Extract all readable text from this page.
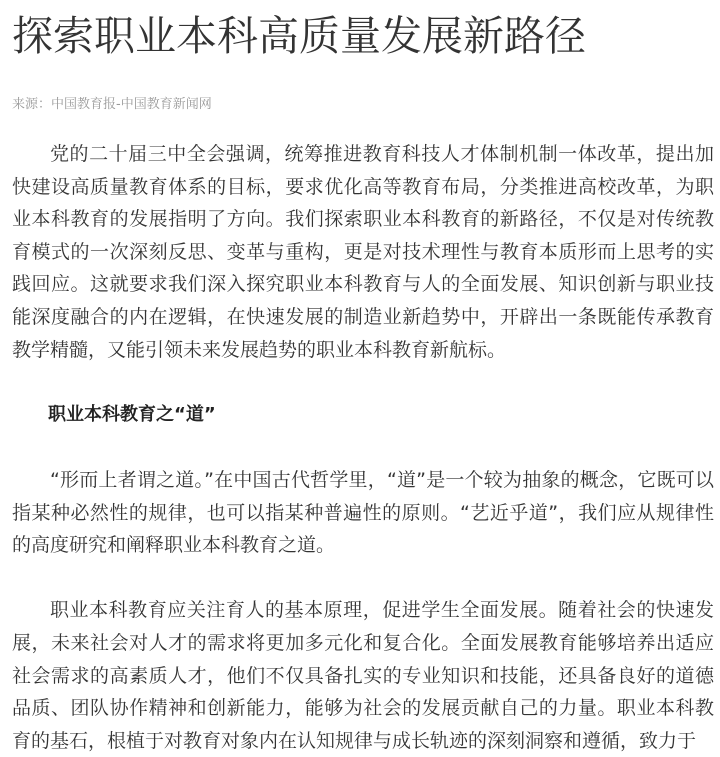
探索职业本科高质量发展新路径
来源：中国教育报-中国教育新闻网

党的二十届三中全会强调，统筹推进教育科技人才体制机制一体改革，提出加快建设高质量教育体系的目标，要求优化高等教育布局，分类推进高校改革，为职业本科教育的发展指明了方向。我们探索职业本科教育的新路径，不仅是对传统教育模式的一次深刻反思、变革与重构，更是对技术理性与教育本质形而上思考的实践回应。这就要求我们深入探究职业本科教育与人的全面发展、知识创新与职业技能深度融合的内在逻辑，在快速发展的制造业新趋势中，开辟出一条既能传承教育教学精髓，又能引领未来发展趋势的职业本科教育新航标。

职业本科教育之“道”

“形而上者谓之道。”在中国古代哲学里，“道”是一个较为抽象的概念，它既可以指某种必然性的规律，也可以指某种普遍性的原则。“艺近乎道”，我们应从规律性的高度研究和阐释职业本科教育之道。

职业本科教育应关注育人的基本原理，促进学生全面发展。随着社会的快速发展，未来社会对人才的需求将更加多元化和复合化。全面发展教育能够培养出适应社会需求的高素质人才，他们不仅具备扎实的专业知识和技能，还具备良好的道德品质、团队协作精神和创新能力，能够为社会的发展贡献自己的力量。职业本科教育的基石，根植于对教育对象内在认知规律与成长轨迹的深刻洞察和遵循，致力于
